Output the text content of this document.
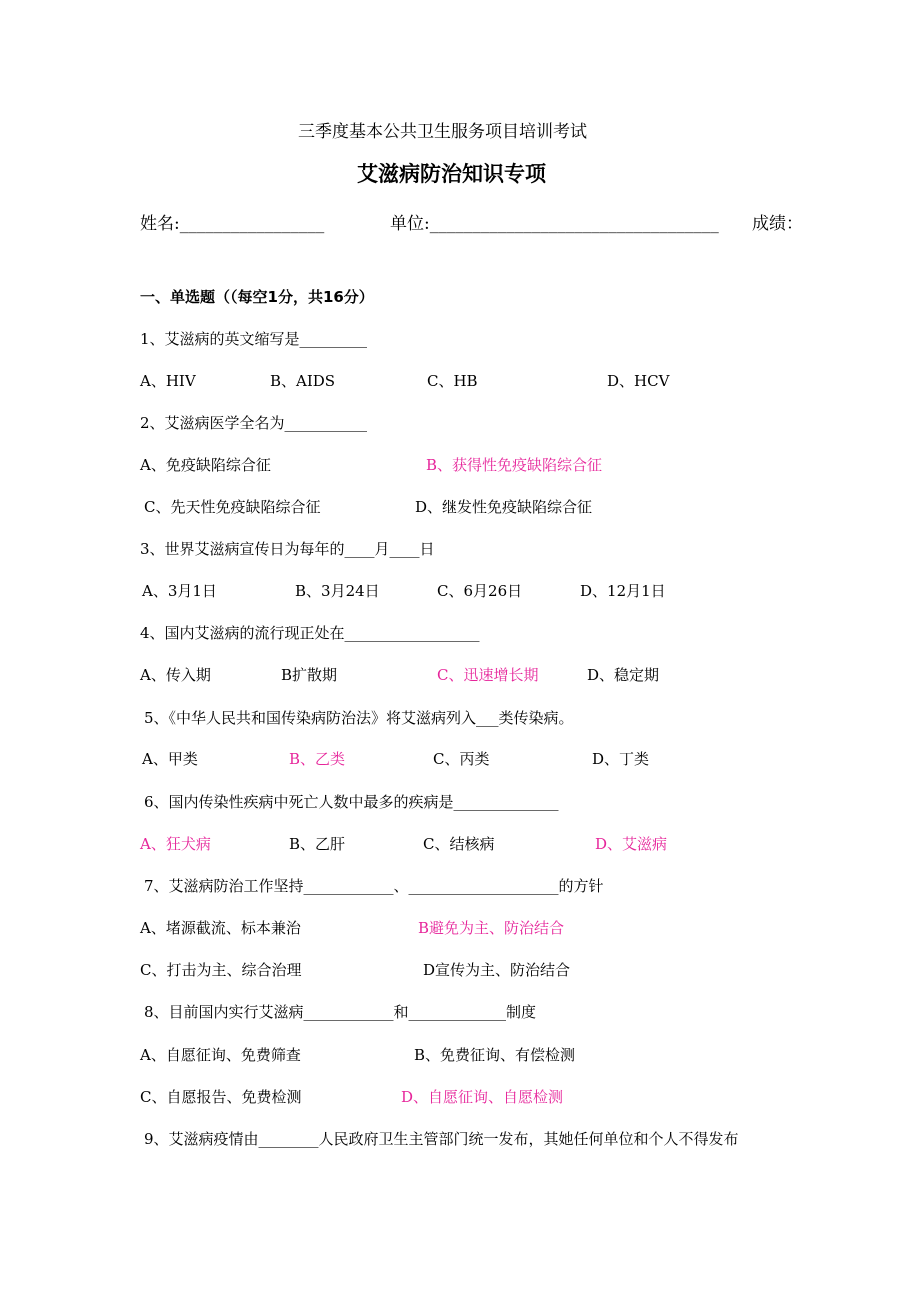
三季度基本公共卫生服务项目培训考试
艾滋病防治知识专项
姓名:_________________	单位:__________________________________ 成绩：
一、单选题（（每空1分，共16分）
1、艾滋病的英文缩写是_________
A、HIV	B、AIDS	C、HB	D、HCV
2、艾滋病医学全名为___________
A、免疫缺陷综合征	B、获得性免疫缺陷综合征
C、先天性免疫缺陷综合征	D、继发性免疫缺陷综合征
3、世界艾滋病宣传日为每年的____月____日
A、3月1日	B、3月24日	C、6月26日	D、12月1日
4、国内艾滋病的流行现正处在__________________
A、传入期	B扩散期	C、迅速增长期	D、稳定期
5、《中华人民共和国传染病防治法》将艾滋病列入___类传染病。
A、甲类	B、乙类	C、丙类	D、丁类
6、国内传染性疾病中死亡人数中最多的疾病是______________
A、狂犬病	B、乙肝	C、结核病	D、艾滋病
7、艾滋病防治工作坚持____________、____________________的方针
A、堵源截流、标本兼治	B避免为主、防治结合
C、打击为主、综合治理	D宣传为主、防治结合
8、目前国内实行艾滋病____________和_____________制度
A、自愿征询、免费筛查	B、免费征询、有偿检测
C、自愿报告、免费检测	D、自愿征询、自愿检测
9、艾滋病疫情由________人民政府卫生主管部门统一发布，其她任何单位和个人不得发布
